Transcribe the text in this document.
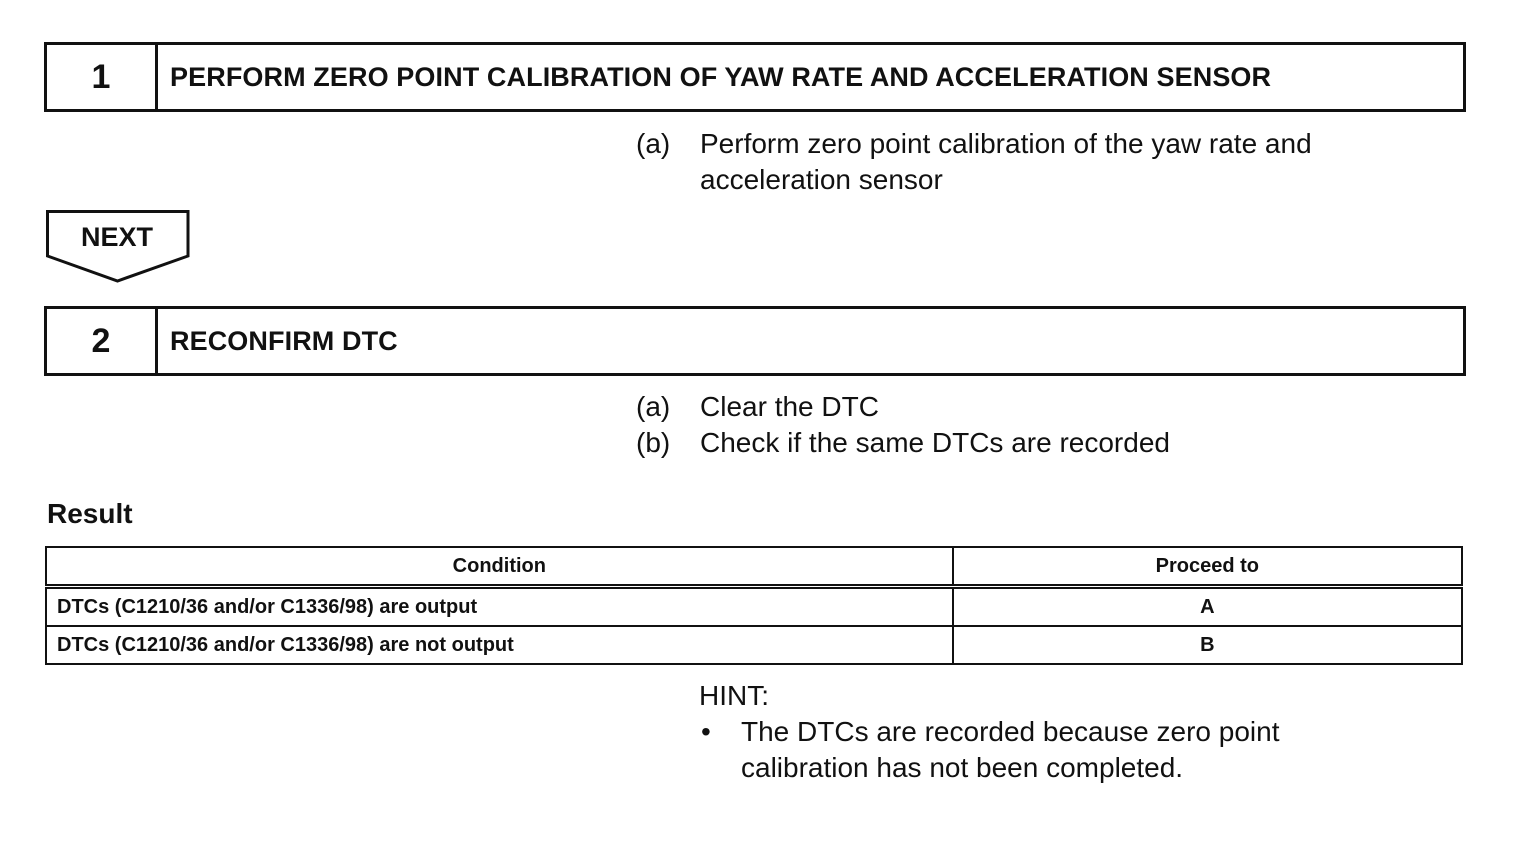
1	PERFORM ZERO POINT CALIBRATION OF YAW RATE AND ACCELERATION SENSOR
(a)	Perform zero point calibration of the yaw rate and acceleration sensor
NEXT
2	RECONFIRM DTC
(a)	Clear the DTC
(b)	Check if the same DTCs are recorded
Result
Condition	Proceed to
DTCs (C1210/36 and/or C1336/98) are output	A
DTCs (C1210/36 and/or C1336/98) are not output	B
HINT:
•	The DTCs are recorded because zero point calibration has not been completed.
